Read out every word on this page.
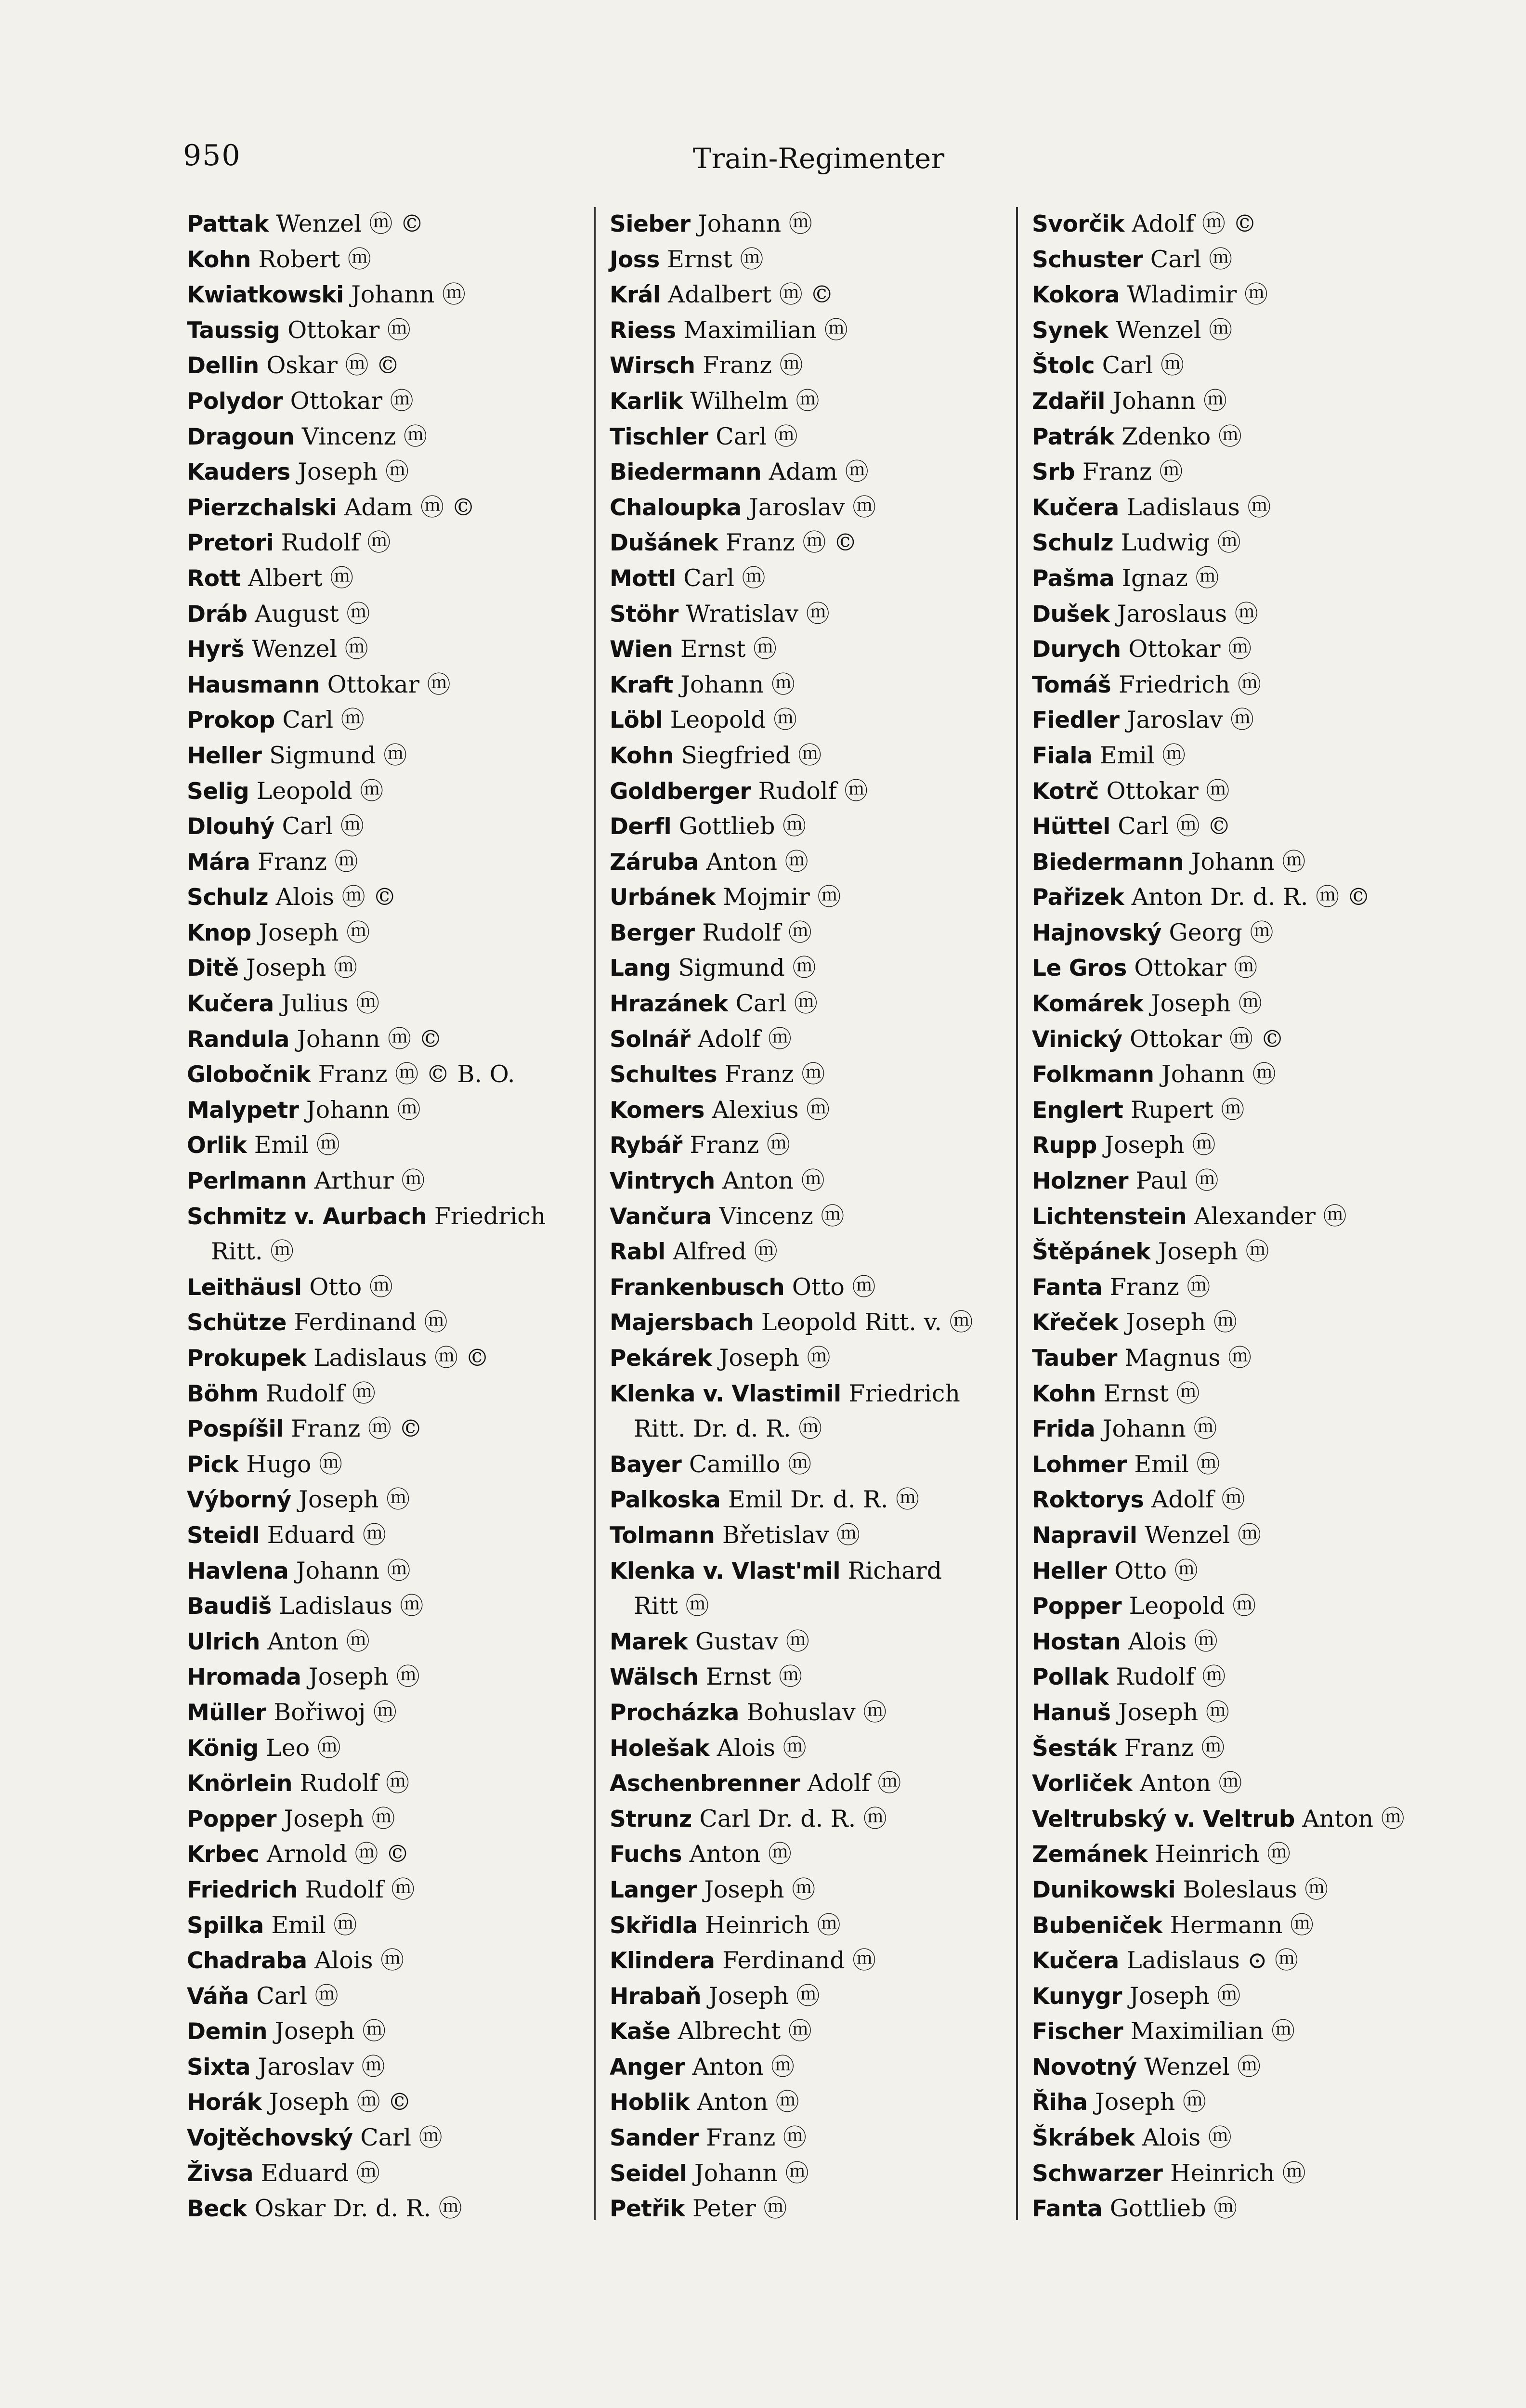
950	Train-Regimenter
Pattak Wenzel ⓜ ©
Kohn Robert ⓜ
Kwiatkowski Johann ⓜ
Taussig Ottokar ⓜ
Dellin Oskar ⓜ ©
Polydor Ottokar ⓜ
Dragoun Vincenz ⓜ
Kauders Joseph ⓜ
Pierzchalski Adam ⓜ ©
Pretori Rudolf ⓜ
Rott Albert ⓜ
Dráb August ⓜ
Hyrš Wenzel ⓜ
Hausmann Ottokar ⓜ
Prokop Carl ⓜ
Heller Sigmund ⓜ
Selig Leopold ⓜ
Dlouhý Carl ⓜ
Mára Franz ⓜ
Schulz Alois ⓜ ©
Knop Joseph ⓜ
Ditě Joseph ⓜ
Kučera Julius ⓜ
Randula Johann ⓜ ©
Globočnik Franz ⓜ © B. O.
Malypetr Johann ⓜ
Orlik Emil ⓜ
Perlmann Arthur ⓜ
Schmitz v. Aurbach Friedrich
Ritt. ⓜ
Leithäusl Otto ⓜ
Schütze Ferdinand ⓜ
Prokupek Ladislaus ⓜ ©
Böhm Rudolf ⓜ
Pospíšil Franz ⓜ ©
Pick Hugo ⓜ
Výborný Joseph ⓜ
Steidl Eduard ⓜ
Havlena Johann ⓜ
Baudiš Ladislaus ⓜ
Ulrich Anton ⓜ
Hromada Joseph ⓜ
Müller Bořiwoj ⓜ
König Leo ⓜ
Knörlein Rudolf ⓜ
Popper Joseph ⓜ
Krbec Arnold ⓜ ©
Friedrich Rudolf ⓜ
Spilka Emil ⓜ
Chadraba Alois ⓜ
Váňa Carl ⓜ
Demin Joseph ⓜ
Sixta Jaroslav ⓜ
Horák Joseph ⓜ ©
Vojtěchovský Carl ⓜ
Živsa Eduard ⓜ
Beck Oskar Dr. d. R. ⓜ
Sieber Johann ⓜ
Joss Ernst ⓜ
Král Adalbert ⓜ ©
Riess Maximilian ⓜ
Wirsch Franz ⓜ
Karlik Wilhelm ⓜ
Tischler Carl ⓜ
Biedermann Adam ⓜ
Chaloupka Jaroslav ⓜ
Dušánek Franz ⓜ ©
Mottl Carl ⓜ
Stöhr Wratislav ⓜ
Wien Ernst ⓜ
Kraft Johann ⓜ
Löbl Leopold ⓜ
Kohn Siegfried ⓜ
Goldberger Rudolf ⓜ
Derfl Gottlieb ⓜ
Záruba Anton ⓜ
Urbánek Mojmir ⓜ
Berger Rudolf ⓜ
Lang Sigmund ⓜ
Hrazánek Carl ⓜ
Solnář Adolf ⓜ
Schultes Franz ⓜ
Komers Alexius ⓜ
Rybář Franz ⓜ
Vintrych Anton ⓜ
Vančura Vincenz ⓜ
Rabl Alfred ⓜ
Frankenbusch Otto ⓜ
Majersbach Leopold Ritt. v. ⓜ
Pekárek Joseph ⓜ
Klenka v. Vlastimil Friedrich
Ritt. Dr. d. R. ⓜ
Bayer Camillo ⓜ
Palkoska Emil Dr. d. R. ⓜ
Tolmann Břetislav ⓜ
Klenka v. Vlast'mil Richard
Ritt ⓜ
Marek Gustav ⓜ
Wälsch Ernst ⓜ
Procházka Bohuslav ⓜ
Holešak Alois ⓜ
Aschenbrenner Adolf ⓜ
Strunz Carl Dr. d. R. ⓜ
Fuchs Anton ⓜ
Langer Joseph ⓜ
Skřidla Heinrich ⓜ
Klindera Ferdinand ⓜ
Hrabaň Joseph ⓜ
Kaše Albrecht ⓜ
Anger Anton ⓜ
Hoblik Anton ⓜ
Sander Franz ⓜ
Seidel Johann ⓜ
Petřik Peter ⓜ
Svorčik Adolf ⓜ ©
Schuster Carl ⓜ
Kokora Wladimir ⓜ
Synek Wenzel ⓜ
Štolc Carl ⓜ
Zdařil Johann ⓜ
Patrák Zdenko ⓜ
Srb Franz ⓜ
Kučera Ladislaus ⓜ
Schulz Ludwig ⓜ
Pašma Ignaz ⓜ
Dušek Jaroslaus ⓜ
Durych Ottokar ⓜ
Tomáš Friedrich ⓜ
Fiedler Jaroslav ⓜ
Fiala Emil ⓜ
Kotrč Ottokar ⓜ
Hüttel Carl ⓜ ©
Biedermann Johann ⓜ
Pařizek Anton Dr. d. R. ⓜ ©
Hajnovský Georg ⓜ
Le Gros Ottokar ⓜ
Komárek Joseph ⓜ
Vinický Ottokar ⓜ ©
Folkmann Johann ⓜ
Englert Rupert ⓜ
Rupp Joseph ⓜ
Holzner Paul ⓜ
Lichtenstein Alexander ⓜ
Štěpánek Joseph ⓜ
Fanta Franz ⓜ
Křeček Joseph ⓜ
Tauber Magnus ⓜ
Kohn Ernst ⓜ
Frida Johann ⓜ
Lohmer Emil ⓜ
Roktorys Adolf ⓜ
Napravil Wenzel ⓜ
Heller Otto ⓜ
Popper Leopold ⓜ
Hostan Alois ⓜ
Pollak Rudolf ⓜ
Hanuš Joseph ⓜ
Šesták Franz ⓜ
Vorliček Anton ⓜ
Veltrubský v. Veltrub Anton ⓜ
Zemánek Heinrich ⓜ
Dunikowski Boleslaus ⓜ
Bubeniček Hermann ⓜ
Kučera Ladislaus ⊙ ⓜ
Kunygr Joseph ⓜ
Fischer Maximilian ⓜ
Novotný Wenzel ⓜ
Řiha Joseph ⓜ
Škrábek Alois ⓜ
Schwarzer Heinrich ⓜ
Fanta Gottlieb ⓜ
